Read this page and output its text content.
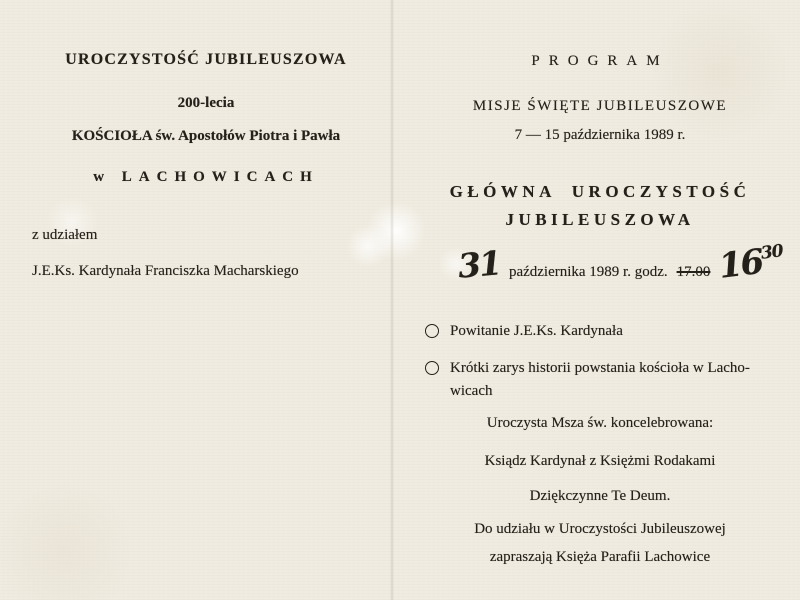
UROCZYSTOŚĆ JUBILEUSZOWA
200-lecia
KOŚCIOŁA św. Apostołów Piotra i Pawła
w LACHOWICACH
z udziałem
J.E.Ks. Kardynała Franciszka Macharskiego
PROGRAM
MISJE ŚWIĘTE JUBILEUSZOWE
7 — 15 października 1989 r.
GŁÓWNA UROCZYSTOŚĆ
JUBILEUSZOWA
31 października 1989 r. godz. 17.00 $16^{30}$
Powitanie J.E.Ks. Kardynała
Krótki zarys historii powstania kościoła w Lacho-
wicach
Uroczysta Msza św. koncelebrowana:
Ksiądz Kardynał z Księżmi Rodakami
Dziękczynne Te Deum.
Do udziału w Uroczystości Jubileuszowej
zapraszają Księża Parafii Lachowice
